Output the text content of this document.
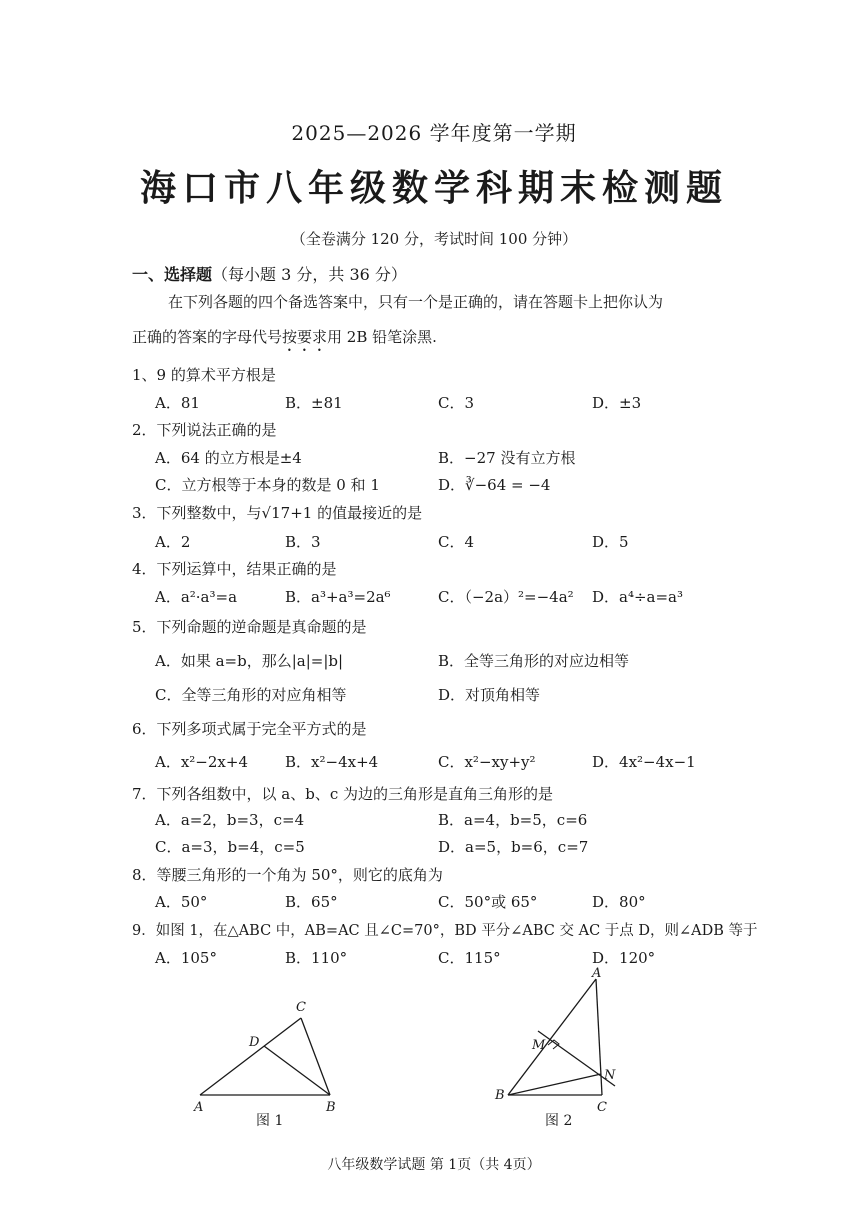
2025—2026 学年度第一学期
海口市八年级数学科期末检测题
（全卷满分 120 分，考试时间 100 分钟）
一、选择题（每小题 3 分，共 36 分）
在下列各题的四个备选答案中，只有一个是正确的，请在答题卡上把你认为
正确的答案的字母代号按要求用 2B 铅笔涂黑.
1、9 的算术平方根是
A．81	B．±81	C．3	D．±3
2．下列说法正确的是
A．64 的立方根是±4	B．−27 没有立方根
C．立方根等于本身的数是 0 和 1	D．∛−64 = −4
3．下列整数中，与√17+1 的值最接近的是
A．2	B．3	C．4	D．5
4．下列运算中，结果正确的是
A．a²·a³=a	B．a³+a³=2a⁶	C．（−2a）²=−4a² D．a⁴÷a=a³
5．下列命题的逆命题是真命题的是
A．如果 a=b，那么|a|=|b|	B．全等三角形的对应边相等
C．全等三角形的对应角相等	D．对顶角相等
6．下列多项式属于完全平方式的是
A．x²−2x+4 B．x²−4x+4	C．x²−xy+y²	D．4x²−4x−1
7．下列各组数中，以 a、b、c 为边的三角形是直角三角形的是
A．a=2，b=3，c=4	B．a=4，b=5，c=6
C．a=3，b=4，c=5	D．a=5，b=6，c=7
8．等腰三角形的一个角为 50°，则它的底角为
A．50°	B．65°	C．50°或 65°	D．80°
9．如图 1，在△ABC 中，AB=AC 且∠C=70°，BD 平分∠ABC 交 AC 于点 D，则∠ADB 等于
A．105°	B．110°	C．115°	D．120°
A	B
C
D
图 1
A
B
C
M
N
图 2
八年级数学试题 第 1页（共 4页）
